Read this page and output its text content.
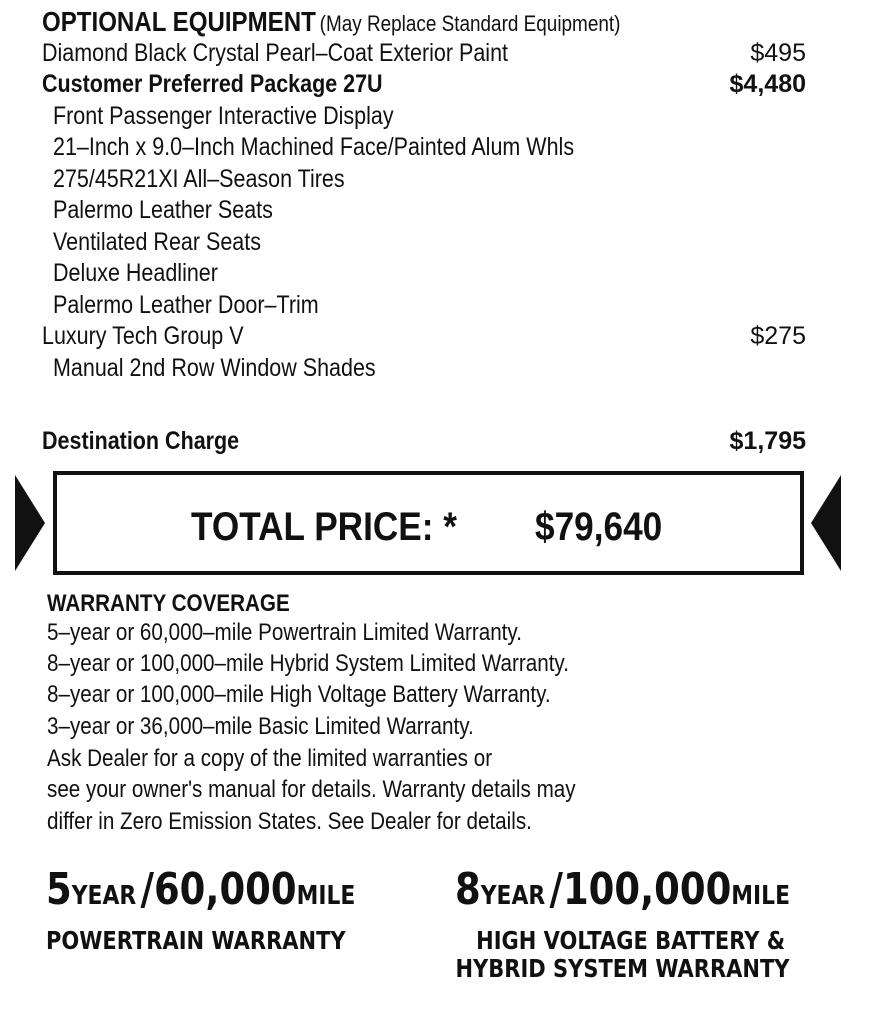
OPTIONAL EQUIPMENT (May Replace Standard Equipment)
Diamond Black Crystal Pearl–Coat Exterior Paint	$495
Customer Preferred Package 27U	$4,480
Front Passenger Interactive Display
21–Inch x 9.0–Inch Machined Face/Painted Alum Whls
275/45R21XI All–Season Tires
Palermo Leather Seats
Ventilated Rear Seats
Deluxe Headliner
Palermo Leather Door–Trim
Luxury Tech Group V	$275
Manual 2nd Row Window Shades
Destination Charge	$1,795
TOTAL PRICE: * $79,640
WARRANTY COVERAGE
5–year or 60,000–mile Powertrain Limited Warranty.
8–year or 100,000–mile Hybrid System Limited Warranty.
8–year or 100,000–mile High Voltage Battery Warranty.
3–year or 36,000–mile Basic Limited Warranty.
Ask Dealer for a copy of the limited warranties or
see your owner's manual for details. Warranty details may
differ in Zero Emission States. See Dealer for details.
5YEAR /60,000MILE
POWERTRAIN WARRANTY
8YEAR /100,000MILE
HIGH VOLTAGE BATTERY &
HYBRID SYSTEM WARRANTY
